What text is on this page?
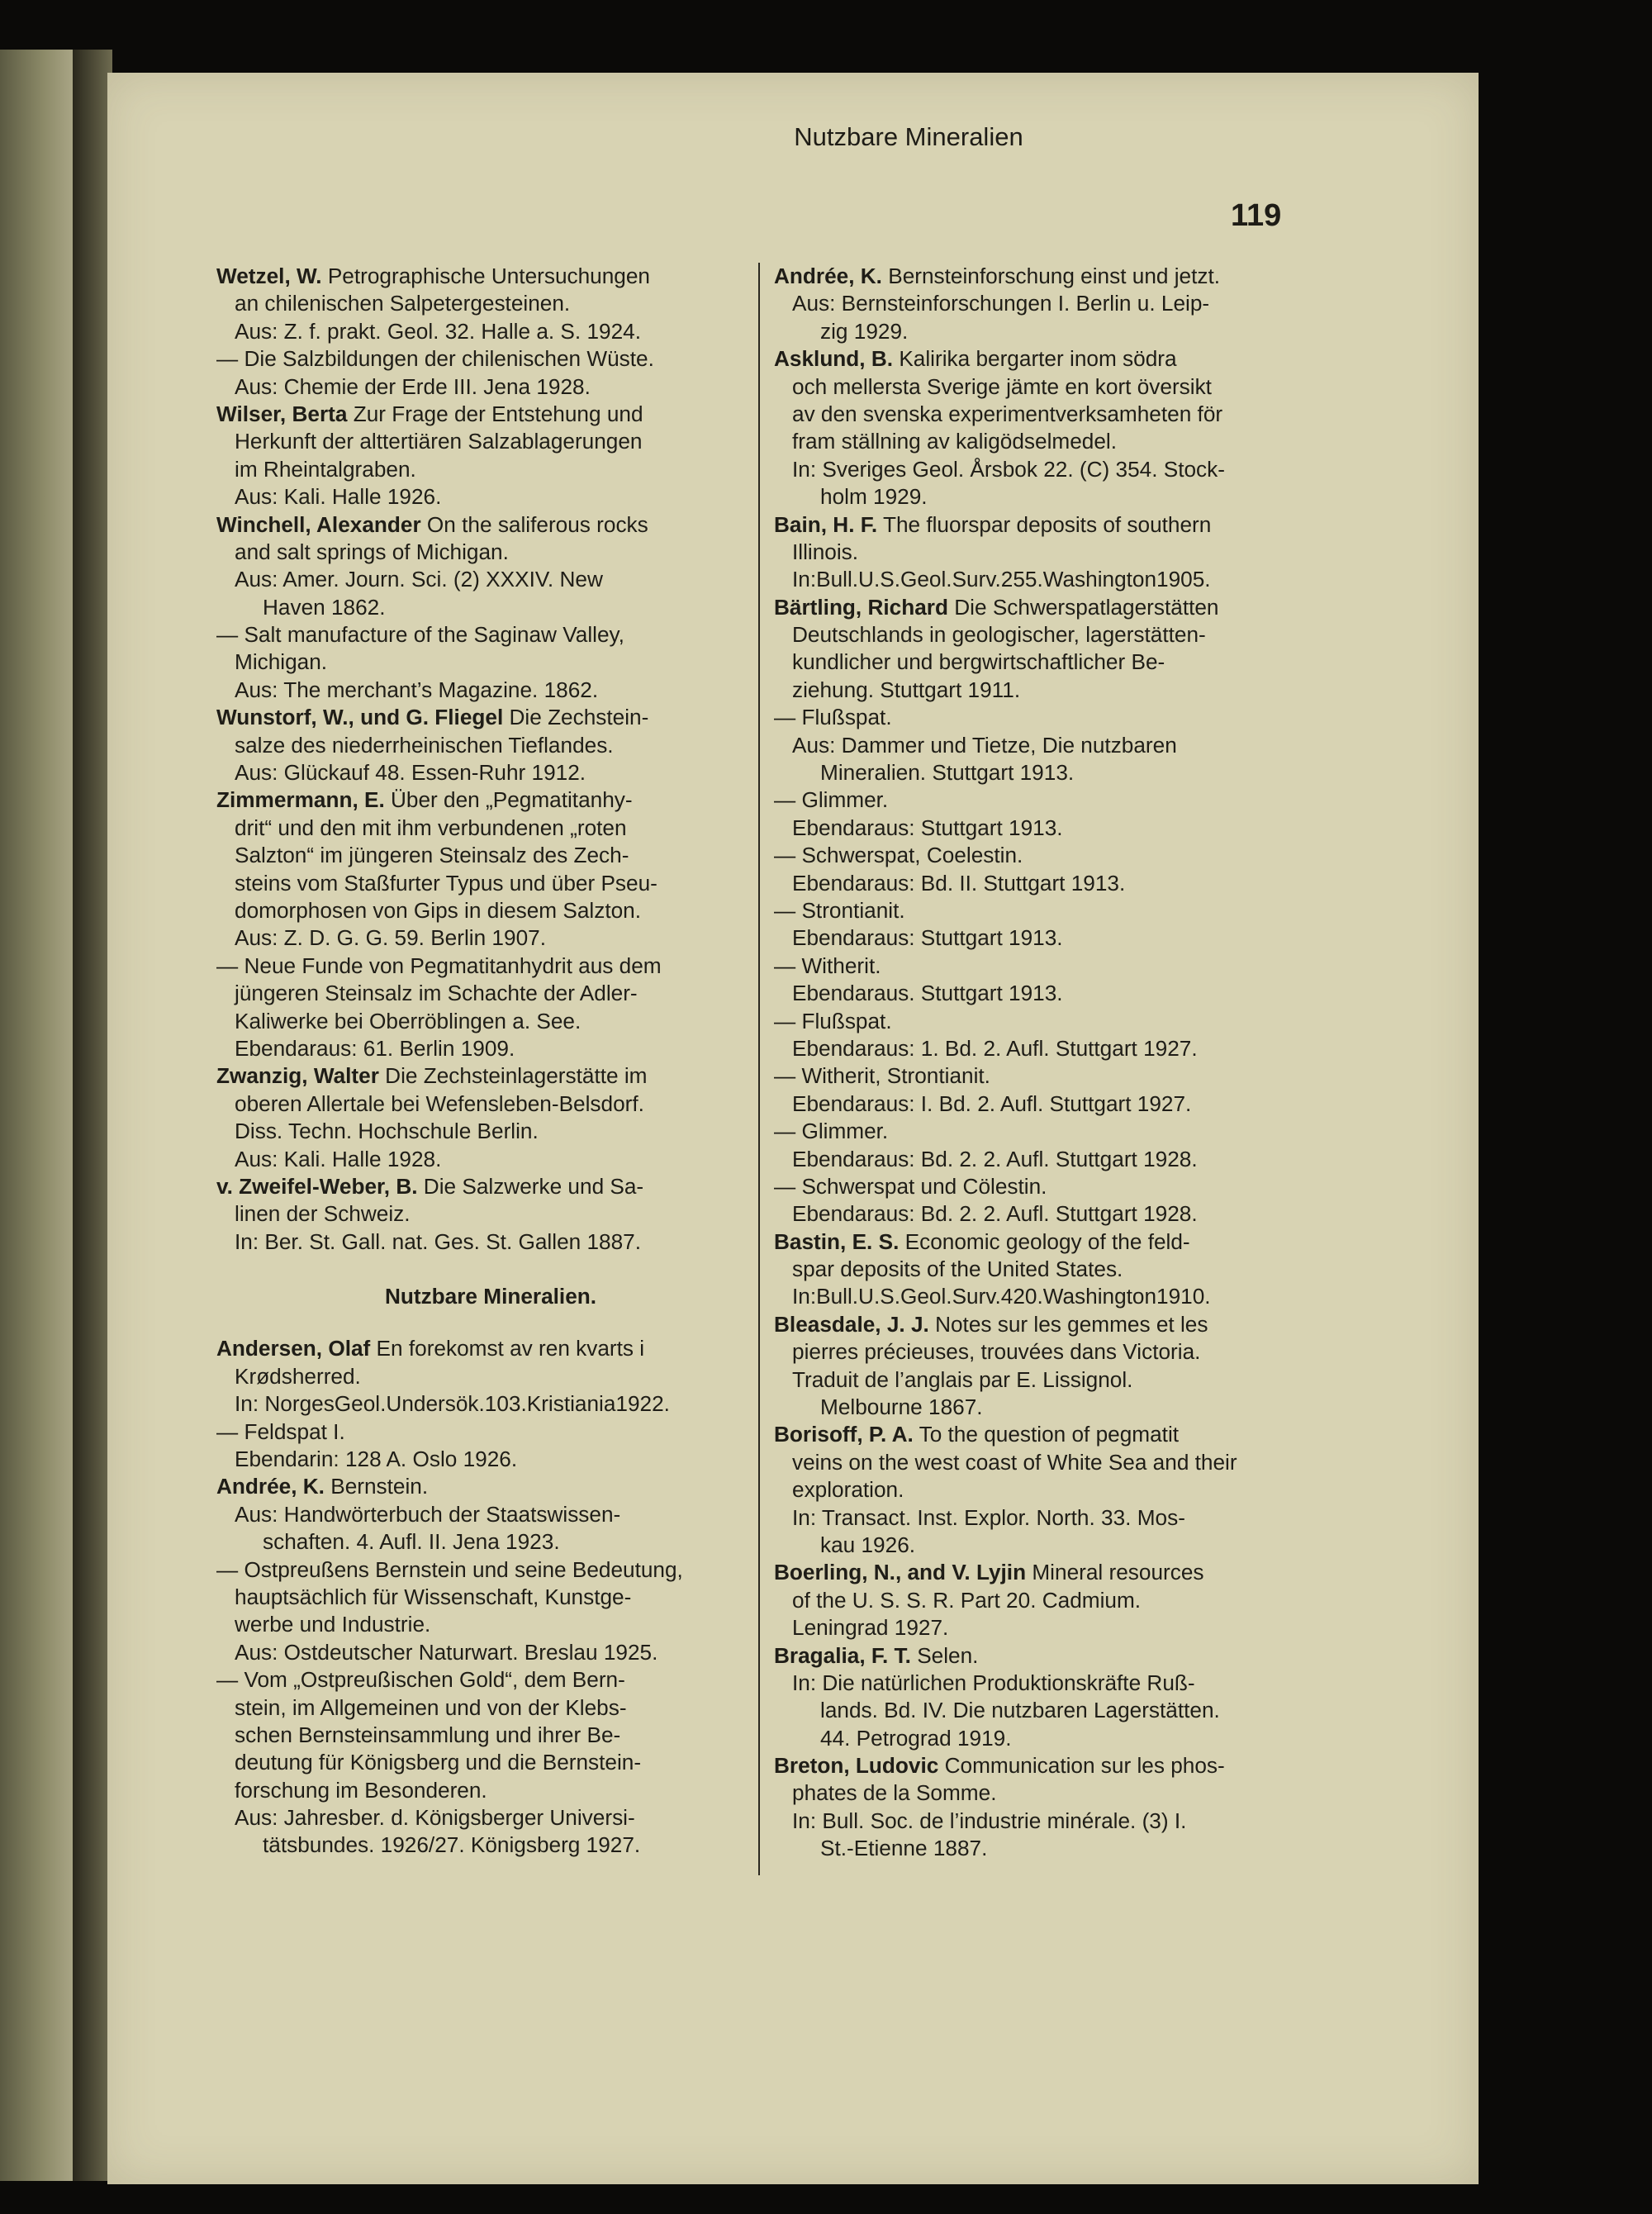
Nutzbare Mineralien
119
Wetzel, W. Petrographische Untersuchungen
an chilenischen Salpetergesteinen.
Aus: Z. f. prakt. Geol. 32. Halle a. S. 1924.
— Die Salzbildungen der chilenischen Wüste.
Aus: Chemie der Erde III. Jena 1928.
Wilser, Berta Zur Frage der Entstehung und
Herkunft der alttertiären Salzablagerungen
im Rheintalgraben.
Aus: Kali. Halle 1926.
Winchell, Alexander On the saliferous rocks
and salt springs of Michigan.
Aus: Amer. Journ. Sci. (2) XXXIV. New
Haven 1862.
— Salt manufacture of the Saginaw Valley,
Michigan.
Aus: The merchant’s Magazine. 1862.
Wunstorf, W., und G. Fliegel Die Zechstein-
salze des niederrheinischen Tieflandes.
Aus: Glückauf 48. Essen-Ruhr 1912.
Zimmermann, E. Über den „Pegmatitanhy-
drit“ und den mit ihm verbundenen „roten
Salzton“ im jüngeren Steinsalz des Zech-
steins vom Staßfurter Typus und über Pseu-
domorphosen von Gips in diesem Salzton.
Aus: Z. D. G. G. 59. Berlin 1907.
— Neue Funde von Pegmatitanhydrit aus dem
jüngeren Steinsalz im Schachte der Adler-
Kaliwerke bei Oberröblingen a. See.
Ebendaraus: 61. Berlin 1909.
Zwanzig, Walter Die Zechsteinlagerstätte im
oberen Allertale bei Wefensleben-Belsdorf.
Diss. Techn. Hochschule Berlin.
Aus: Kali. Halle 1928.
v. Zweifel-Weber, B. Die Salzwerke und Sa-
linen der Schweiz.
In: Ber. St. Gall. nat. Ges. St. Gallen 1887.
Nutzbare Mineralien.
Andersen, Olaf En forekomst av ren kvarts i
Krødsherred.
In: NorgesGeol.Undersök.103.Kristiania1922.
— Feldspat I.
Ebendarin: 128 A. Oslo 1926.
Andrée, K. Bernstein.
Aus: Handwörterbuch der Staatswissen-
schaften. 4. Aufl. II. Jena 1923.
— Ostpreußens Bernstein und seine Bedeutung,
hauptsächlich für Wissenschaft, Kunstge-
werbe und Industrie.
Aus: Ostdeutscher Naturwart. Breslau 1925.
— Vom „Ostpreußischen Gold“, dem Bern-
stein, im Allgemeinen und von der Klebs-
schen Bernsteinsammlung und ihrer Be-
deutung für Königsberg und die Bernstein-
forschung im Besonderen.
Aus: Jahresber. d. Königsberger Universi-
tätsbundes. 1926/27. Königsberg 1927.
Andrée, K. Bernsteinforschung einst und jetzt.
Aus: Bernsteinforschungen I. Berlin u. Leip-
zig 1929.
Asklund, B. Kalirika bergarter inom södra
och mellersta Sverige jämte en kort översikt
av den svenska experimentverksamheten för
fram ställning av kaligödselmedel.
In: Sveriges Geol. Årsbok 22. (C) 354. Stock-
holm 1929.
Bain, H. F. The fluorspar deposits of southern
Illinois.
In:Bull.U.S.Geol.Surv.255.Washington1905.
Bärtling, Richard Die Schwerspatlagerstätten
Deutschlands in geologischer, lagerstätten-
kundlicher und bergwirtschaftlicher Be-
ziehung. Stuttgart 1911.
— Flußspat.
Aus: Dammer und Tietze, Die nutzbaren
Mineralien. Stuttgart 1913.
— Glimmer.
Ebendaraus: Stuttgart 1913.
— Schwerspat, Coelestin.
Ebendaraus: Bd. II. Stuttgart 1913.
— Strontianit.
Ebendaraus: Stuttgart 1913.
— Witherit.
Ebendaraus. Stuttgart 1913.
— Flußspat.
Ebendaraus: 1. Bd. 2. Aufl. Stuttgart 1927.
— Witherit, Strontianit.
Ebendaraus: I. Bd. 2. Aufl. Stuttgart 1927.
— Glimmer.
Ebendaraus: Bd. 2. 2. Aufl. Stuttgart 1928.
— Schwerspat und Cölestin.
Ebendaraus: Bd. 2. 2. Aufl. Stuttgart 1928.
Bastin, E. S. Economic geology of the feld-
spar deposits of the United States.
In:Bull.U.S.Geol.Surv.420.Washington1910.
Bleasdale, J. J. Notes sur les gemmes et les
pierres précieuses, trouvées dans Victoria.
Traduit de l’anglais par E. Lissignol.
Melbourne 1867.
Borisoff, P. A. To the question of pegmatit
veins on the west coast of White Sea and their
exploration.
In: Transact. Inst. Explor. North. 33. Mos-
kau 1926.
Boerling, N., and V. Lyjin Mineral resources
of the U. S. S. R. Part 20. Cadmium.
Leningrad 1927.
Bragalia, F. T. Selen.
In: Die natürlichen Produktionskräfte Ruß-
lands. Bd. IV. Die nutzbaren Lagerstätten.
44. Petrograd 1919.
Breton, Ludovic Communication sur les phos-
phates de la Somme.
In: Bull. Soc. de l’industrie minérale. (3) I.
St.-Etienne 1887.
